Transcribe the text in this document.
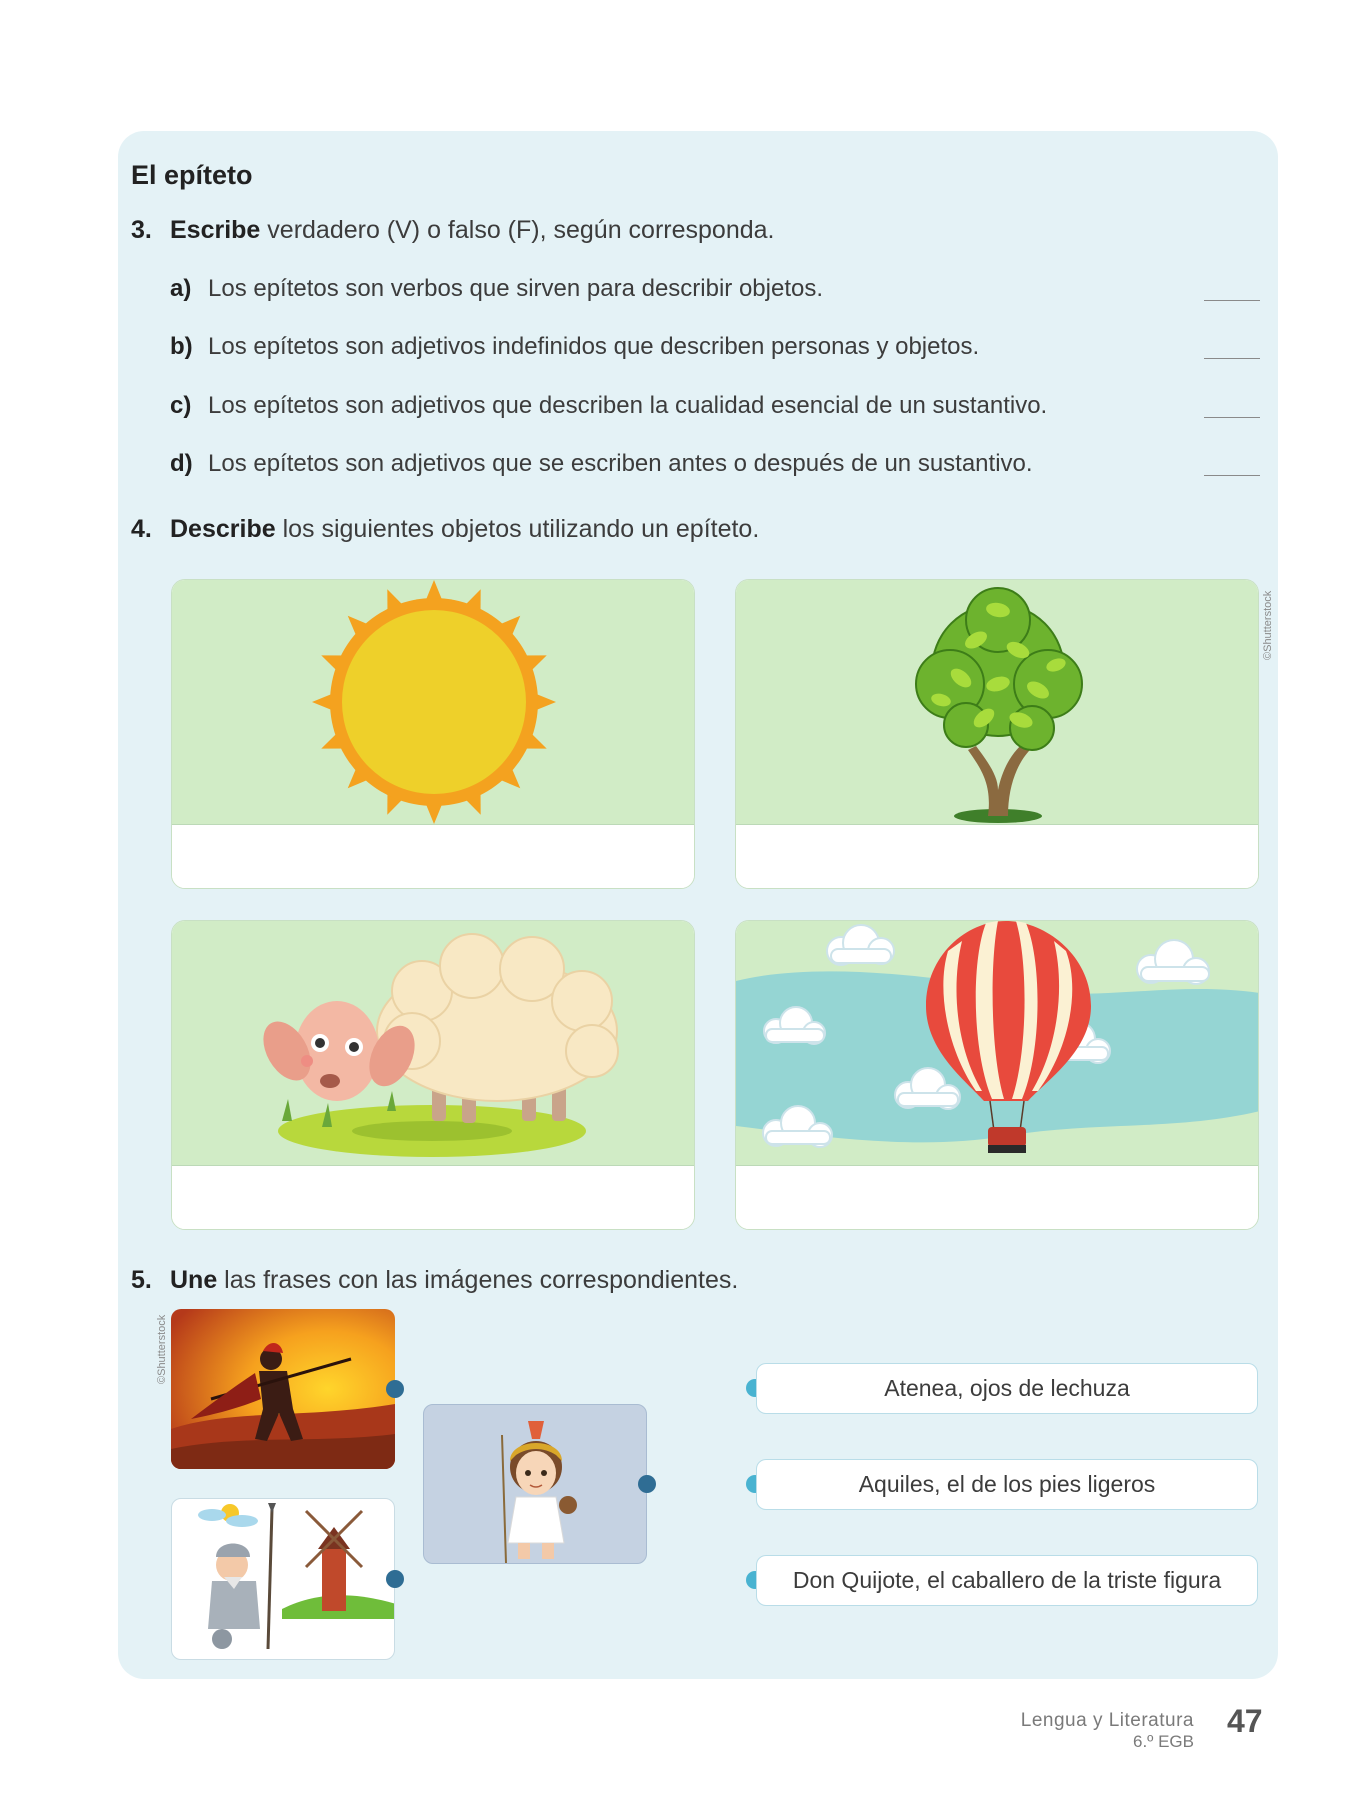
El epíteto
3. Escribe verdadero (V) o falso (F), según corresponda.
a) Los epítetos son verbos que sirven para describir objetos.
b) Los epítetos son adjetivos indefinidos que describen personas y objetos.
c) Los epítetos son adjetivos que describen la cualidad esencial de un sustantivo.
d) Los epítetos son adjetivos que se escriben antes o después de un sustantivo.
4. Describe los siguientes objetos utilizando un epíteto.
©Shutterstock
5. Une las frases con las imágenes correspondientes.
©Shutterstock
Atenea, ojos de lechuza
Aquiles, el de los pies ligeros
Don Quijote, el caballero de la triste figura
Lengua y Literatura
6.º EGB
47
